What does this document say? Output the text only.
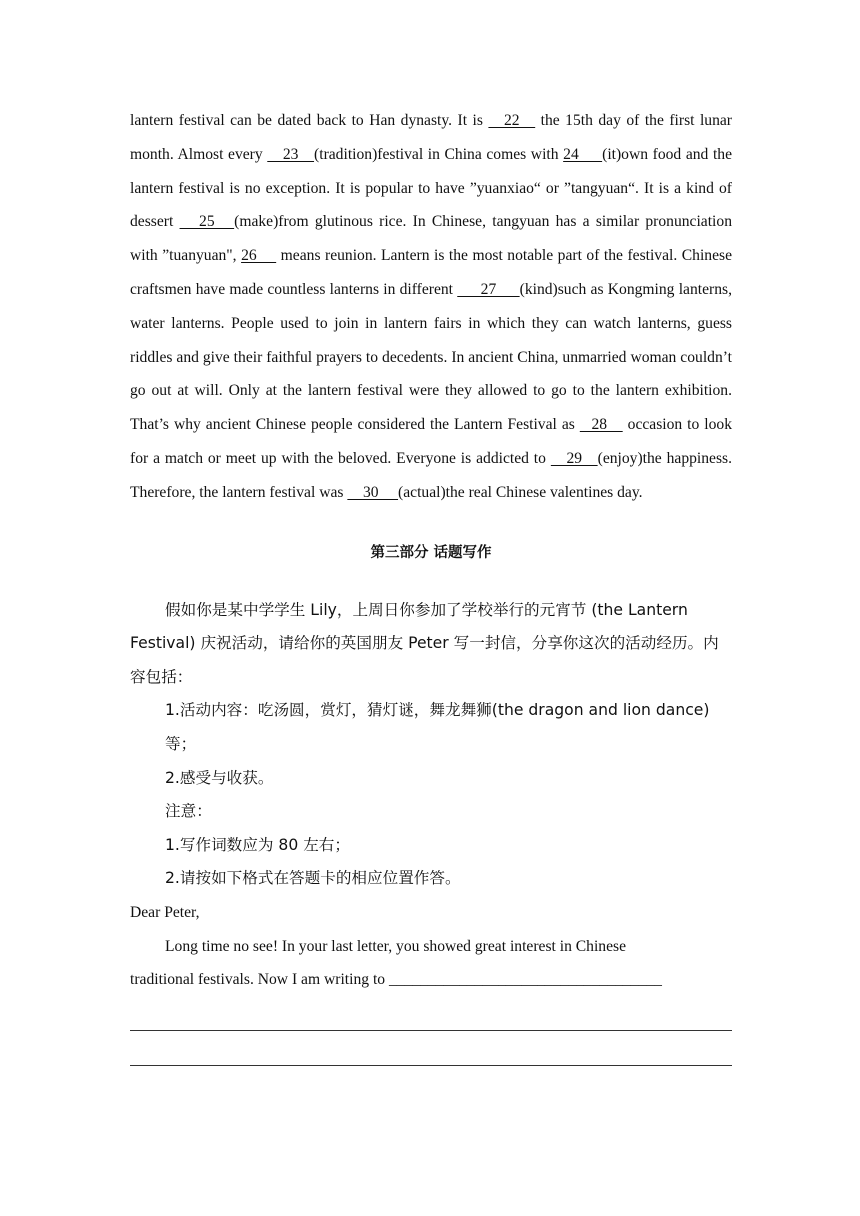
lantern festival can be dated back to Han dynasty. It is     22     the 15th day of the first lunar month. Almost every     23    (tradition)festival in China comes with 24      (it)own food and the lantern festival is no exception. It is popular to have ”yuanxiao“ or ”tangyuan“. It is a kind of dessert      25     (make)from glutinous rice. In Chinese, tangyuan has a similar pronunciation with ”tuanyuan", 26      means reunion. Lantern is the most notable part of the festival. Chinese craftsmen have made countless lanterns in different       27      (kind)such as Kongming lanterns, water lanterns. People used to join in lantern fairs in which they can watch lanterns, guess riddles and give their faithful prayers to decedents. In ancient China, unmarried woman couldn’t go out at will. Only at the lantern festival were they allowed to go to the lantern exhibition. That’s why ancient Chinese people considered the Lantern Festival as    28     occasion to look for a match or meet up with the beloved. Everyone is addicted to     29    (enjoy)the happiness. Therefore, the lantern festival was     30     (actual)the real Chinese valentines day.

第三部分 话题写作

假如你是某中学学生 Lily，上周日你参加了学校举行的元宵节 (the Lantern Festival) 庆祝活动，请给你的英国朋友 Peter 写一封信，分享你这次的活动经历。内容包括：

1.活动内容：吃汤圆，赏灯，猜灯谜，舞龙舞狮(the dragon and lion dance)等；

2.感受与收获。

注意：

1.写作词数应为 80 左右；

2.请按如下格式在答题卡的相应位置作答。

Dear Peter,

Long time no see! In your last letter, you showed great interest in Chinese

traditional festivals. Now I am writing to ___________________________________
